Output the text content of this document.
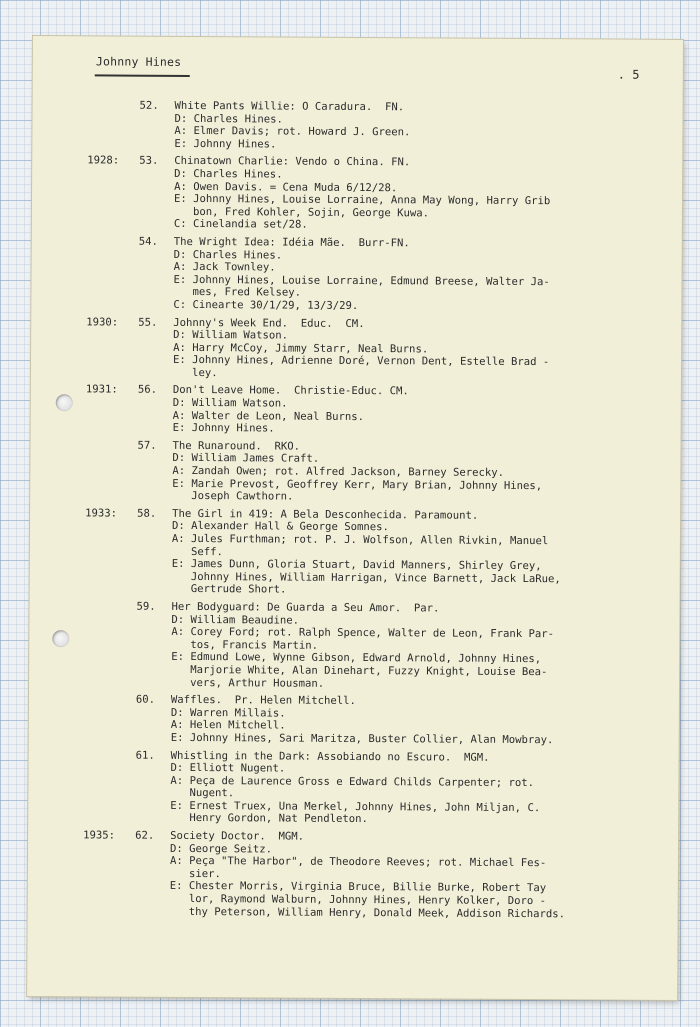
Johnny Hines
. 5
52.	White Pants Willie: O Caradura.  FN.
D: Charles Hines.
A: Elmer Davis; rot. Howard J. Green.
E: Johnny Hines.
1928:	53.	Chinatown Charlie: Vendo o China. FN.
D: Charles Hines.
A: Owen Davis. = Cena Muda 6/12/28.
E: Johnny Hines, Louise Lorraine, Anna May Wong, Harry Grib
bon, Fred Kohler, Sojin, George Kuwa.
C: Cinelandia set/28.
54.	The Wright Idea: Idéia Mãe.  Burr-FN.
D: Charles Hines.
A: Jack Townley.
E: Johnny Hines, Louise Lorraine, Edmund Breese, Walter Ja-
mes, Fred Kelsey.
C: Cinearte 30/1/29, 13/3/29.
1930:	55.	Johnny's Week End.  Educ.  CM.
D: William Watson.
A: Harry McCoy, Jimmy Starr, Neal Burns.
E: Johnny Hines, Adrienne Doré, Vernon Dent, Estelle Brad -
ley.
1931:	56.	Don't Leave Home.  Christie-Educ. CM.
D: William Watson.
A: Walter de Leon, Neal Burns.
E: Johnny Hines.
57.	The Runaround.  RKO.
D: William James Craft.
A: Zandah Owen; rot. Alfred Jackson, Barney Serecky.
E: Marie Prevost, Geoffrey Kerr, Mary Brian, Johnny Hines,
Joseph Cawthorn.
1933:	58.	The Girl in 419: A Bela Desconhecida. Paramount.
D: Alexander Hall & George Somnes.
A: Jules Furthman; rot. P. J. Wolfson, Allen Rivkin, Manuel
Seff.
E: James Dunn, Gloria Stuart, David Manners, Shirley Grey,
Johnny Hines, William Harrigan, Vince Barnett, Jack LaRue,
Gertrude Short.
59.	Her Bodyguard: De Guarda a Seu Amor.  Par.
D: William Beaudine.
A: Corey Ford; rot. Ralph Spence, Walter de Leon, Frank Par-
tos, Francis Martin.
E: Edmund Lowe, Wynne Gibson, Edward Arnold, Johnny Hines,
Marjorie White, Alan Dinehart, Fuzzy Knight, Louise Bea-
vers, Arthur Housman.
60.	Waffles.  Pr. Helen Mitchell.
D: Warren Millais.
A: Helen Mitchell.
E: Johnny Hines, Sari Maritza, Buster Collier, Alan Mowbray.
61.	Whistling in the Dark: Assobiando no Escuro.  MGM.
D: Elliott Nugent.
A: Peça de Laurence Gross e Edward Childs Carpenter; rot.
Nugent.
E: Ernest Truex, Una Merkel, Johnny Hines, John Miljan, C.
Henry Gordon, Nat Pendleton.
1935:	62.	Society Doctor.  MGM.
D: George Seitz.
A: Peça "The Harbor", de Theodore Reeves; rot. Michael Fes-
sier.
E: Chester Morris, Virginia Bruce, Billie Burke, Robert Tay
lor, Raymond Walburn, Johnny Hines, Henry Kolker, Doro -
thy Peterson, William Henry, Donald Meek, Addison Richards.
